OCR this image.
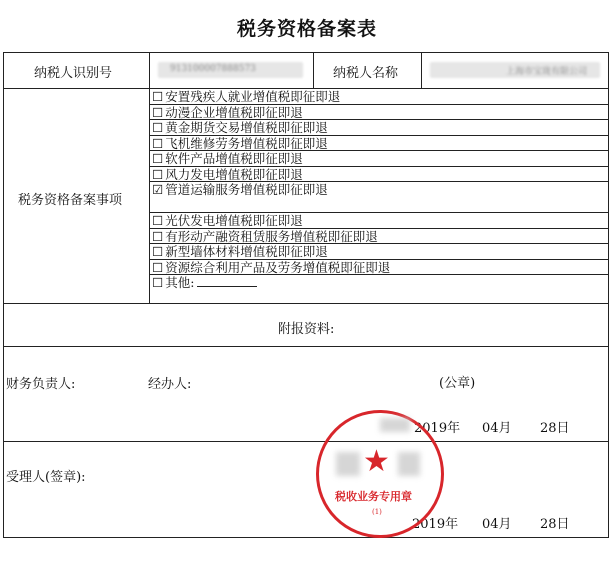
税务资格备案表
纳税人识别号	913100007888573	纳税人名称	上海市宝珑有限公司
税务资格备案事项
☐ 安置残疾人就业增值税即征即退
☐ 动漫企业增值税即征即退
☐ 黄金期货交易增值税即征即退
☐ 飞机维修劳务增值税即征即退
☐ 软件产品增值税即征即退
☐ 风力发电增值税即征即退
☑ 管道运输服务增值税即征即退
☐ 光伏发电增值税即征即退
☐ 有形动产融资租赁服务增值税即征即退
☐ 新型墙体材料增值税即征即退
☐ 资源综合利用产品及劳务增值税即征即退
☐ 其他:
附报资料:
财务负责人:	经办人:	(公章)
2019年 04月 28日
受理人(签章):
2019年 04月 28日
★
税收业务专用章
(1)
